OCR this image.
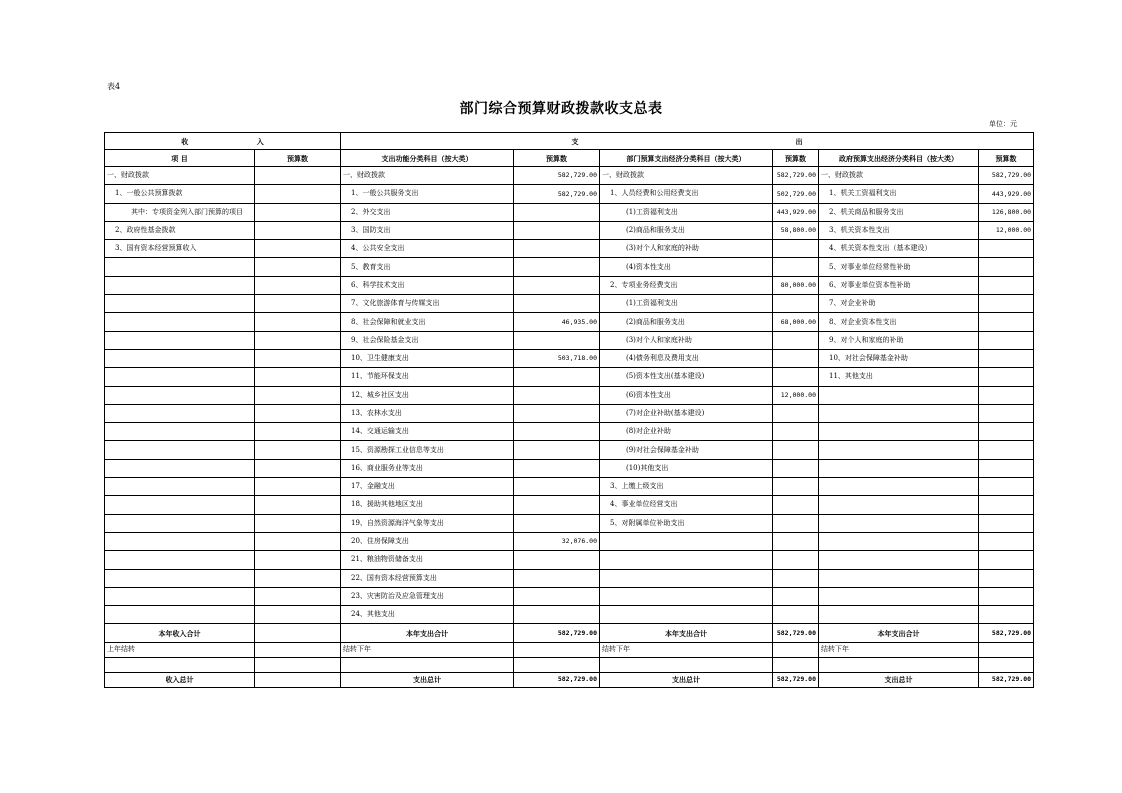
表4
部门综合预算财政拨款收支总表
单位：元
收 入		支 出					

项 目	预算数	支出功能分类科目（按大类）	预算数	部门预算支出经济分类科目（按大类）	预算数	政府预算支出经济分类科目（按大类）	预算数
一、财政拨款		一、财政拨款	582,729.00	一、财政拨款	582,729.00	一、财政拨款	582,729.00
1、一般公共预算拨款		1、一般公共服务支出	582,729.00	1、人员经费和公用经费支出	502,729.00	1、机关工资福利支出	443,929.00
其中：专项资金列入部门预算的项目		2、外交支出		(1)工资福利支出	443,929.00	2、机关商品和服务支出	126,800.00
2、政府性基金拨款		3、国防支出		(2)商品和服务支出	58,800.00	3、机关资本性支出	12,000.00
3、国有资本经营预算收入		4、公共安全支出		(3)对个人和家庭的补助		4、机关资本性支出（基本建设）	
		5、教育支出		(4)资本性支出		5、对事业单位经常性补助	
		6、科学技术支出		2、专项业务经费支出	80,000.00	6、对事业单位资本性补助	
		7、文化旅游体育与传媒支出		(1)工资福利支出		7、对企业补助	
		8、社会保障和就业支出	46,935.00	(2)商品和服务支出	68,000.00	8、对企业资本性支出	
		9、社会保险基金支出		(3)对个人和家庭补助		9、对个人和家庭的补助	
		10、卫生健康支出	503,718.00	(4)债务利息及费用支出		10、对社会保障基金补助	
		11、节能环保支出		(5)资本性支出(基本建设)		11、其他支出	
		12、城乡社区支出		(6)资本性支出	12,000.00		
		13、农林水支出		(7)对企业补助(基本建设)			
		14、交通运输支出		(8)对企业补助			
		15、资源勘探工业信息等支出		(9)对社会保障基金补助			
		16、商业服务业等支出		(10)其他支出			
		17、金融支出		3、上缴上级支出			
		18、援助其他地区支出		4、事业单位经营支出			
		19、自然资源海洋气象等支出		5、对附属单位补助支出			
		20、住房保障支出	32,076.00				
		21、粮油物资储备支出					
		22、国有资本经营预算支出					
		23、灾害防治及应急管理支出					
		24、其他支出					
本年收入合计		本年支出合计	582,729.00	本年支出合计	582,729.00	本年支出合计	582,729.00
上年结转		结转下年		结转下年		结转下年	

收入总计		支出总计	582,729.00	支出总计	582,729.00	支出总计	582,729.00
